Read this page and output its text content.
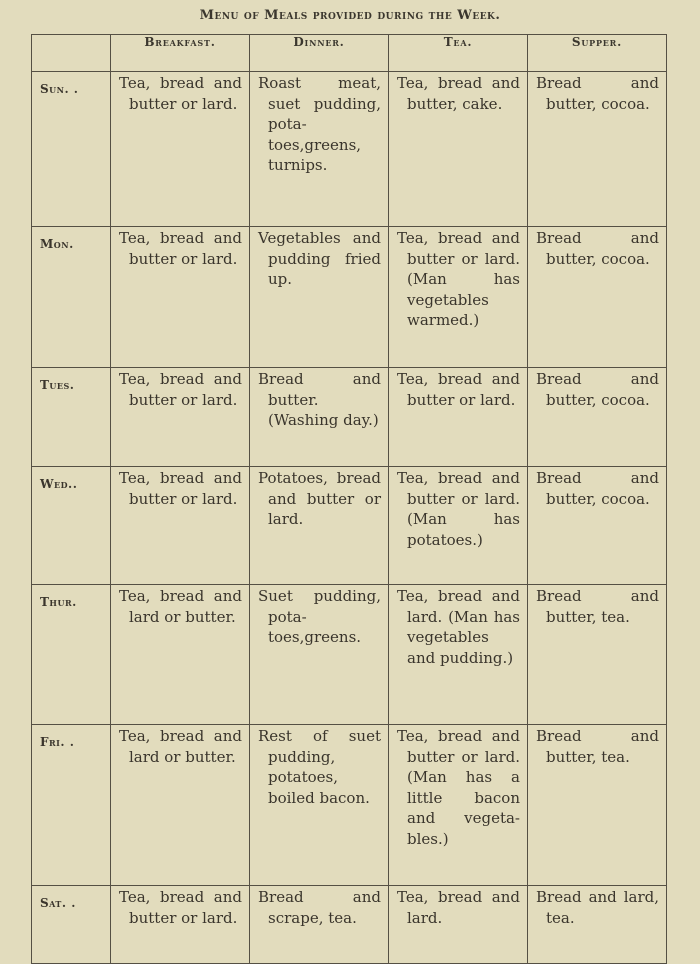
Menu of Meals provided during the Week.
	Breakfast.	Dinner.	Tea.	Supper.
Sun. .	Tea, bread and butter or lard.	Roast meat, suet pudding, potatoes,greens, turnips.	Tea, bread and butter, cake.	Bread and butter, cocoa.

Mon.	Tea, bread and butter or lard.	Vegetables and pudding fried up.	Tea, bread and butter or lard. (Man has vegetables warmed.)	Bread and butter, cocoa.

Tues.	Tea, bread and butter or lard.	Bread and butter. (Washing day.)	Tea, bread and butter or lard.	Bread and butter, cocoa.

Wed..	Tea, bread and butter or lard.	Potatoes, bread and butter or lard.	Tea, bread and butter or lard. (Man has potatoes.)	Bread and butter, cocoa.

Thur.	Tea, bread and lard or butter.	Suet pudding, potatoes,greens.	Tea, bread and lard. (Man has vegetables and pudding.)	Bread and butter, tea.

Fri. .	Tea, bread and lard or butter.	Rest of suet pudding, potatoes, boiled bacon.	Tea, bread and butter or lard. (Man has a little bacon and vegetables.)	Bread and butter, tea.

Sat. .	Tea, bread and butter or lard.	Bread and scrape, tea.	Tea, bread and lard.	Bread and lard, tea.
